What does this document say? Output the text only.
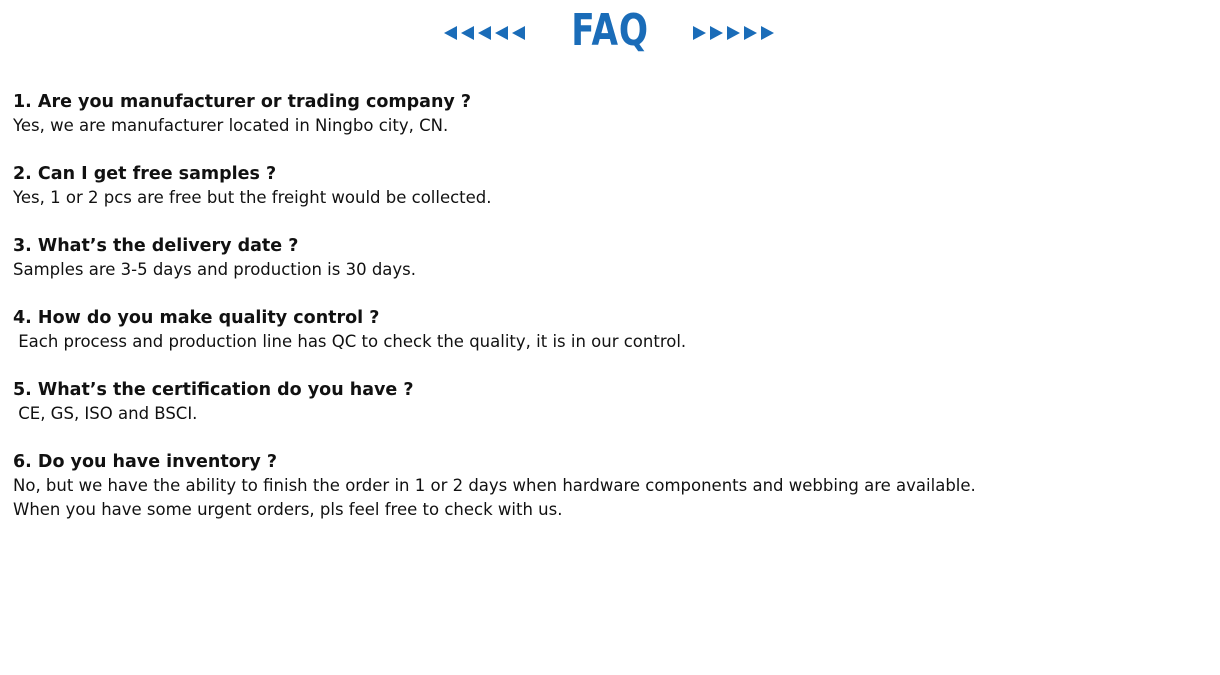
FAQ
1. Are you manufacturer or trading company ?
Yes, we are manufacturer located in Ningbo city, CN.
2. Can I get free samples ?
Yes, 1 or 2 pcs are free but the freight would be collected.
3. What’s the delivery date ?
Samples are 3-5 days and production is 30 days.
4. How do you make quality control ?
Each process and production line has QC to check the quality, it is in our control.
5. What’s the certification do you have ?
CE, GS, ISO and BSCI.
6. Do you have inventory ?
No, but we have the ability to finish the order in 1 or 2 days when hardware components and webbing are available.
When you have some urgent orders, pls feel free to check with us.
